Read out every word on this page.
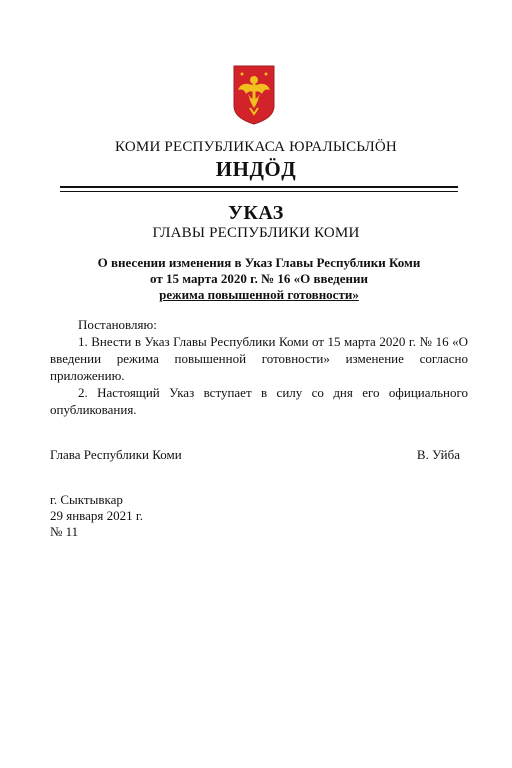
КОМИ РЕСПУБЛИКАСА ЮРАЛЫСЬЛӦН
ИНДӦД
УКАЗ
ГЛАВЫ РЕСПУБЛИКИ КОМИ
О внесении изменения в Указ Главы Республики Коми
от 15 марта 2020 г. № 16 «О введении
режима повышенной готовности»

Постановляю:

1. Внести в Указ Главы Республики Коми от 15 марта 2020 г. № 16 «О введении режима повышенной готовности» изменение согласно приложению.

2. Настоящий Указ вступает в силу со дня его официального опубликования.

Глава Республики Коми	В. Уйба
г. Сыктывкар
29 января 2021 г.
№ 11
